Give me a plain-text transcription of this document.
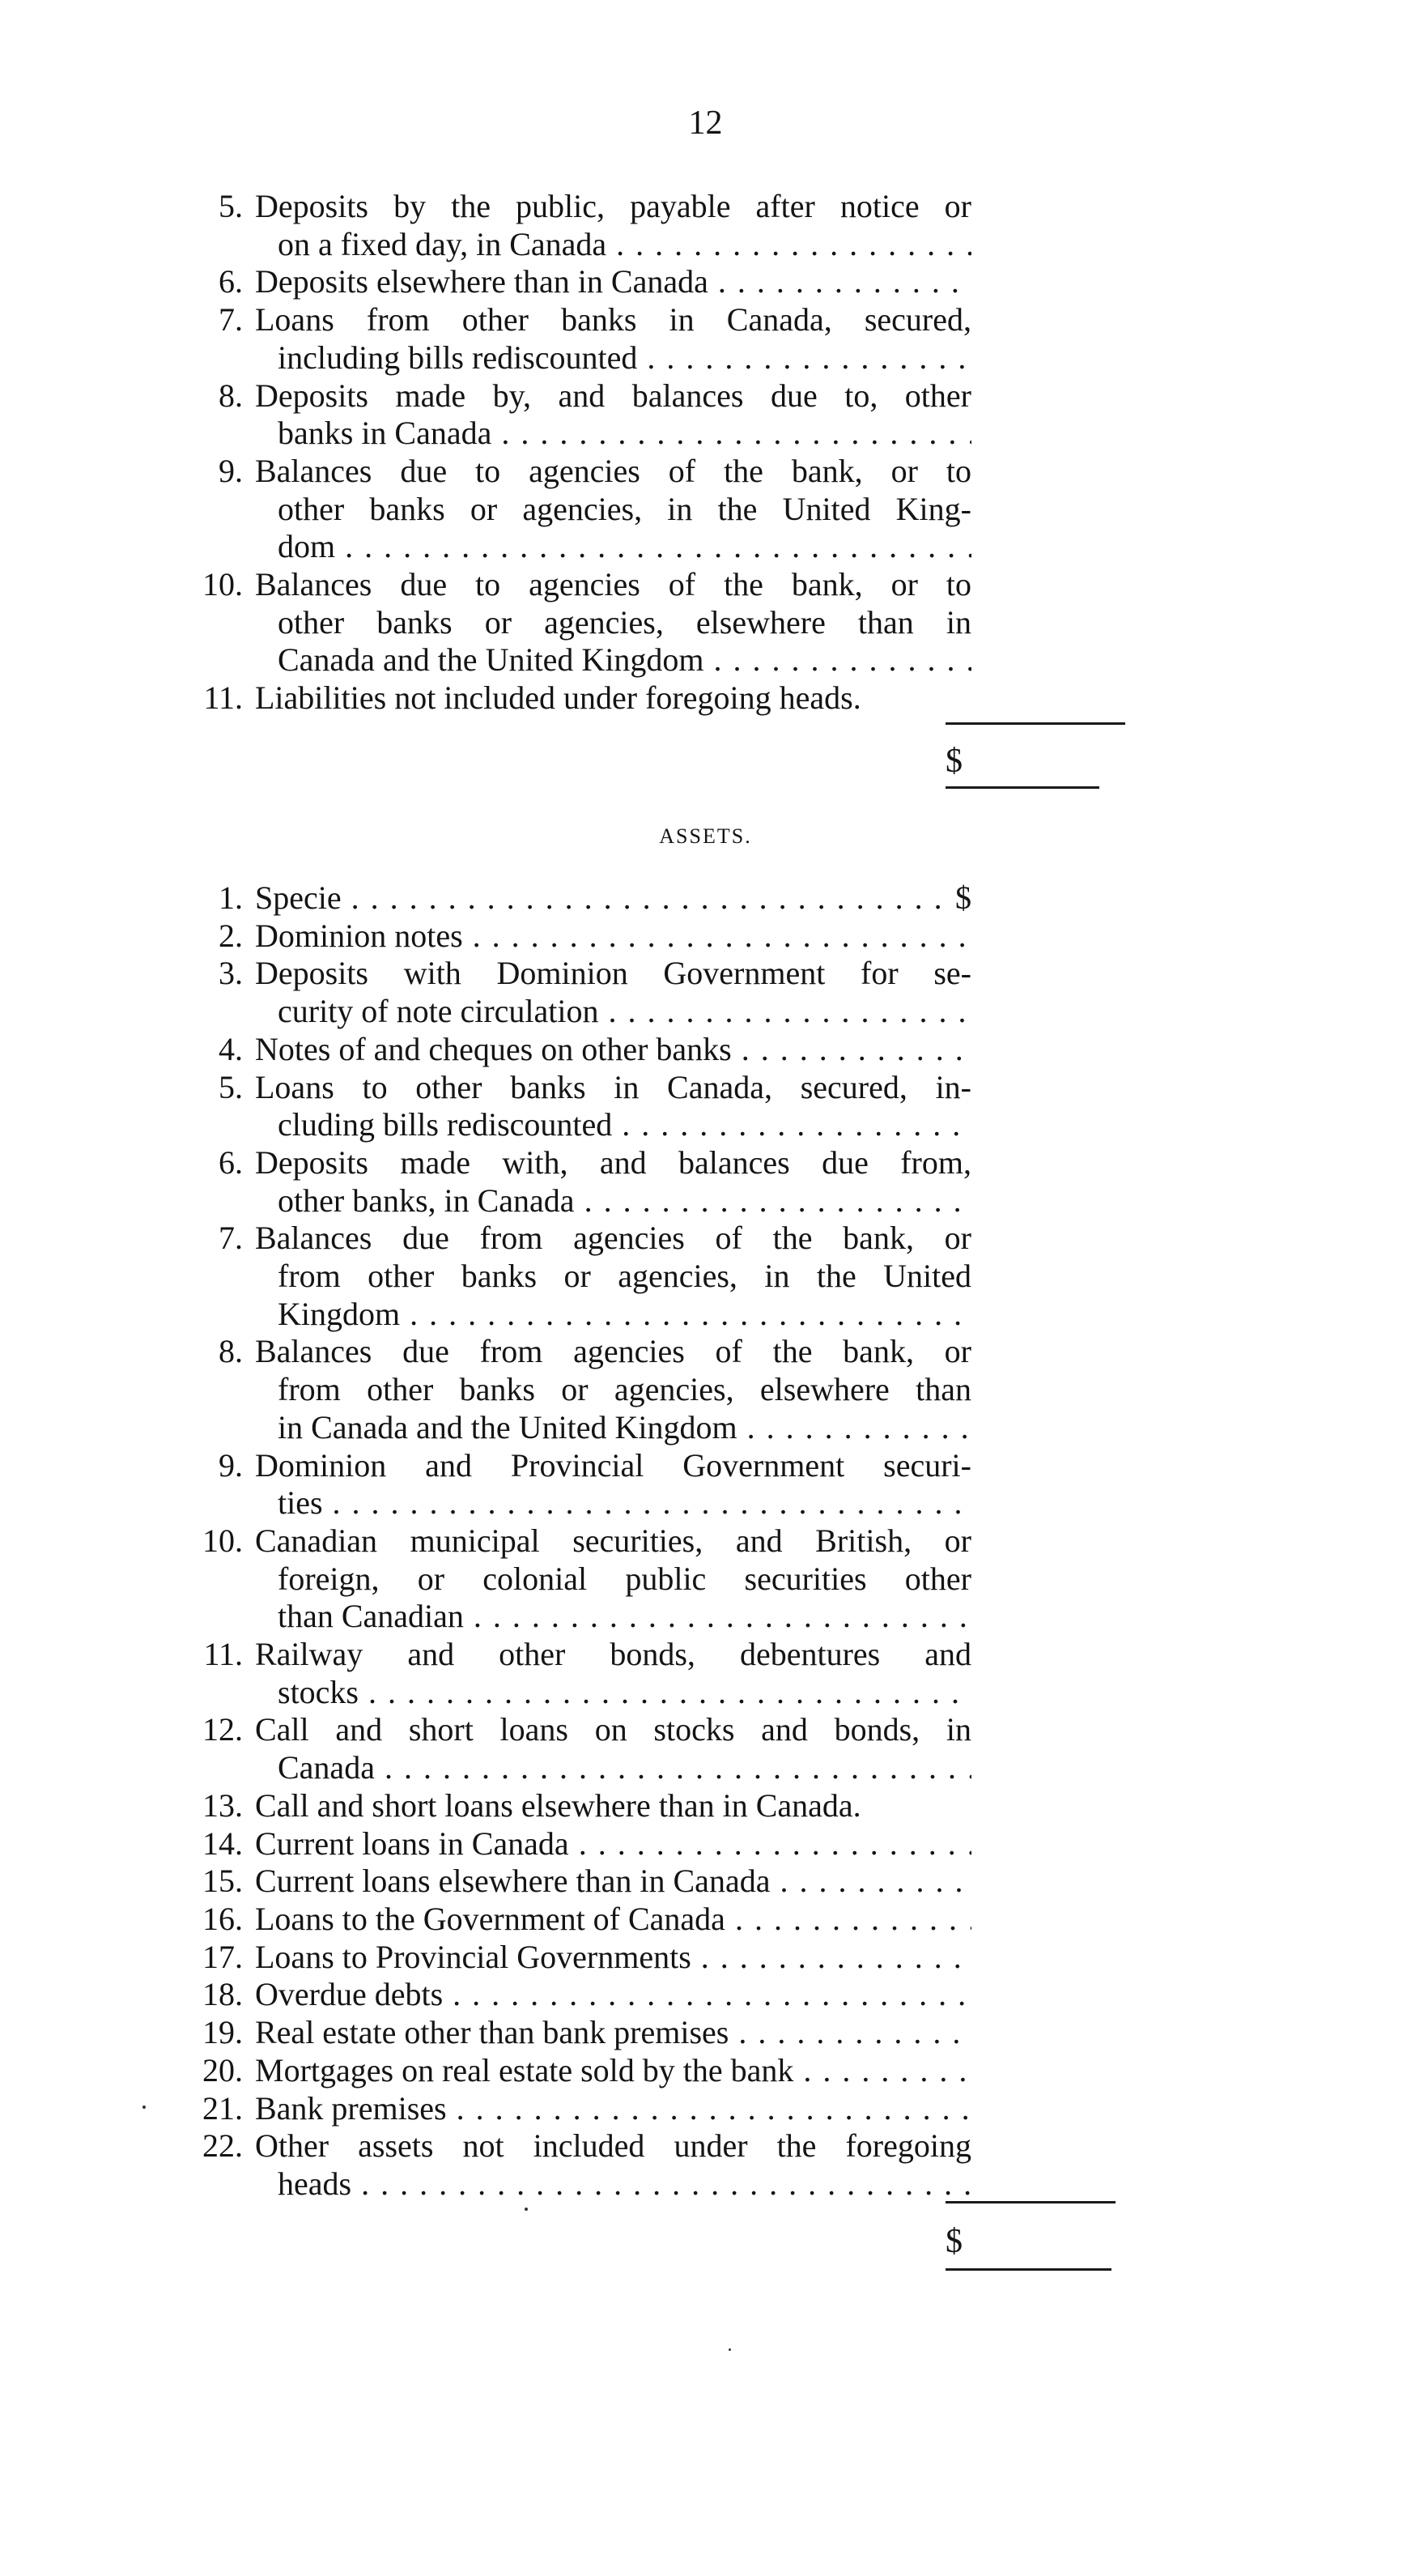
12
5. Deposits by the public, payable after notice or
on a fixed day, in Canada . . .
6. Deposits elsewhere than in Canada . . .
7. Loans from other banks in Canada, secured,
including bills rediscounted . . .
8. Deposits made by, and balances due to, other
banks in Canada . . .
9. Balances due to agencies of the bank, or to
other banks or agencies, in the United King-
dom . . .
10. Balances due to agencies of the bank, or to
other banks or agencies, elsewhere than in
Canada and the United Kingdom . . .
11. Liabilities not included under foregoing heads.
$
ASSETS.
1. Specie . . .	$
2. Dominion notes . . .
3. Deposits with Dominion Government for se-
curity of note circulation . . .
4. Notes of and cheques on other banks . . .
5. Loans to other banks in Canada, secured, in-
cluding bills rediscounted . . .
6. Deposits made with, and balances due from,
other banks, in Canada . . .
7. Balances due from agencies of the bank, or
from other banks or agencies, in the United
Kingdom . . .
8. Balances due from agencies of the bank, or
from other banks or agencies, elsewhere than
in Canada and the United Kingdom . . .
9. Dominion and Provincial Government securi-
ties . . .
10. Canadian municipal securities, and British, or
foreign, or colonial public securities other
than Canadian . . .
11. Railway and other bonds, debentures and
stocks . . .
12. Call and short loans on stocks and bonds, in
Canada . . .
13. Call and short loans elsewhere than in Canada.
14. Current loans in Canada . . .
15. Current loans elsewhere than in Canada . . .
16. Loans to the Government of Canada . . .
17. Loans to Provincial Governments . . .
18. Overdue debts . . .
19. Real estate other than bank premises . . .
20. Mortgages on real estate sold by the bank . . .
21. Bank premises . . .
22. Other assets not included under the foregoing
heads . . .
$
